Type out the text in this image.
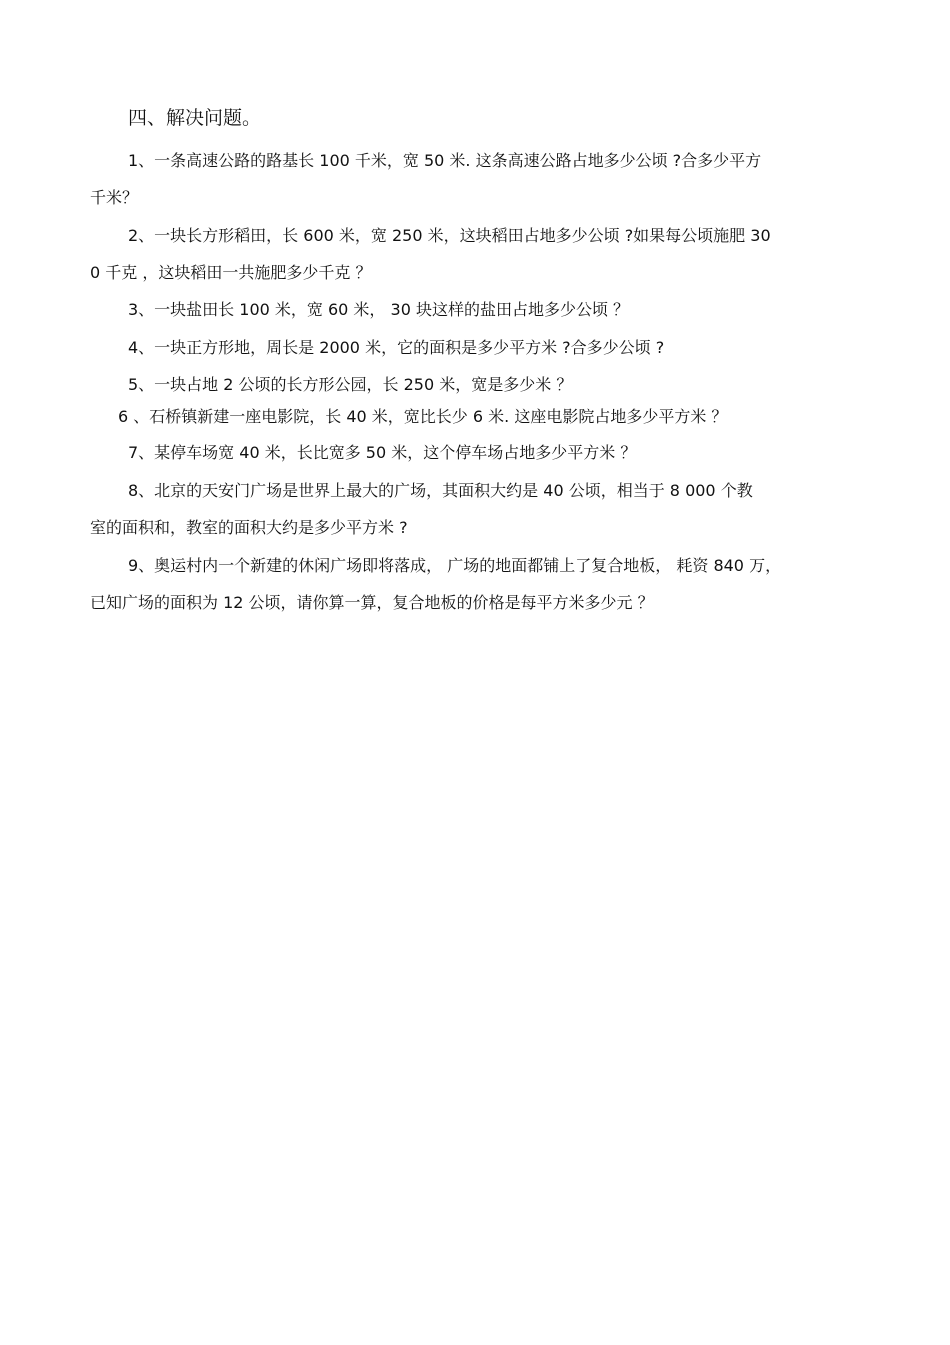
四、解决问题。
1、一条高速公路的路基长 100 千米，宽 50 米. 这条高速公路占地多少公顷 ?合多少平方
千米？
2、一块长方形稻田，长 600 米，宽 250 米，这块稻田占地多少公顷 ?如果每公顷施肥 30
0 千克 ，这块稻田一共施肥多少千克 ？
3、一块盐田长 100 米，宽 60 米， 30 块这样的盐田占地多少公顷 ？
4、一块正方形地，周长是 2000 米，它的面积是多少平方米 ?合多少公顷 ?
5、一块占地 2 公顷的长方形公园，长 250 米，宽是多少米 ？
6 、石桥镇新建一座电影院，长 40 米，宽比长少 6 米. 这座电影院占地多少平方米 ？
7、某停车场宽 40 米，长比宽多 50 米，这个停车场占地多少平方米 ？
8、北京的天安门广场是世界上最大的广场，其面积大约是 40 公顷，相当于 8 000 个教
室的面积和，教室的面积大约是多少平方米 ?
9、奥运村内一个新建的休闲广场即将落成， 广场的地面都铺上了复合地板， 耗资 840 万，
已知广场的面积为 12 公顷，请你算一算，复合地板的价格是每平方米多少元 ？
